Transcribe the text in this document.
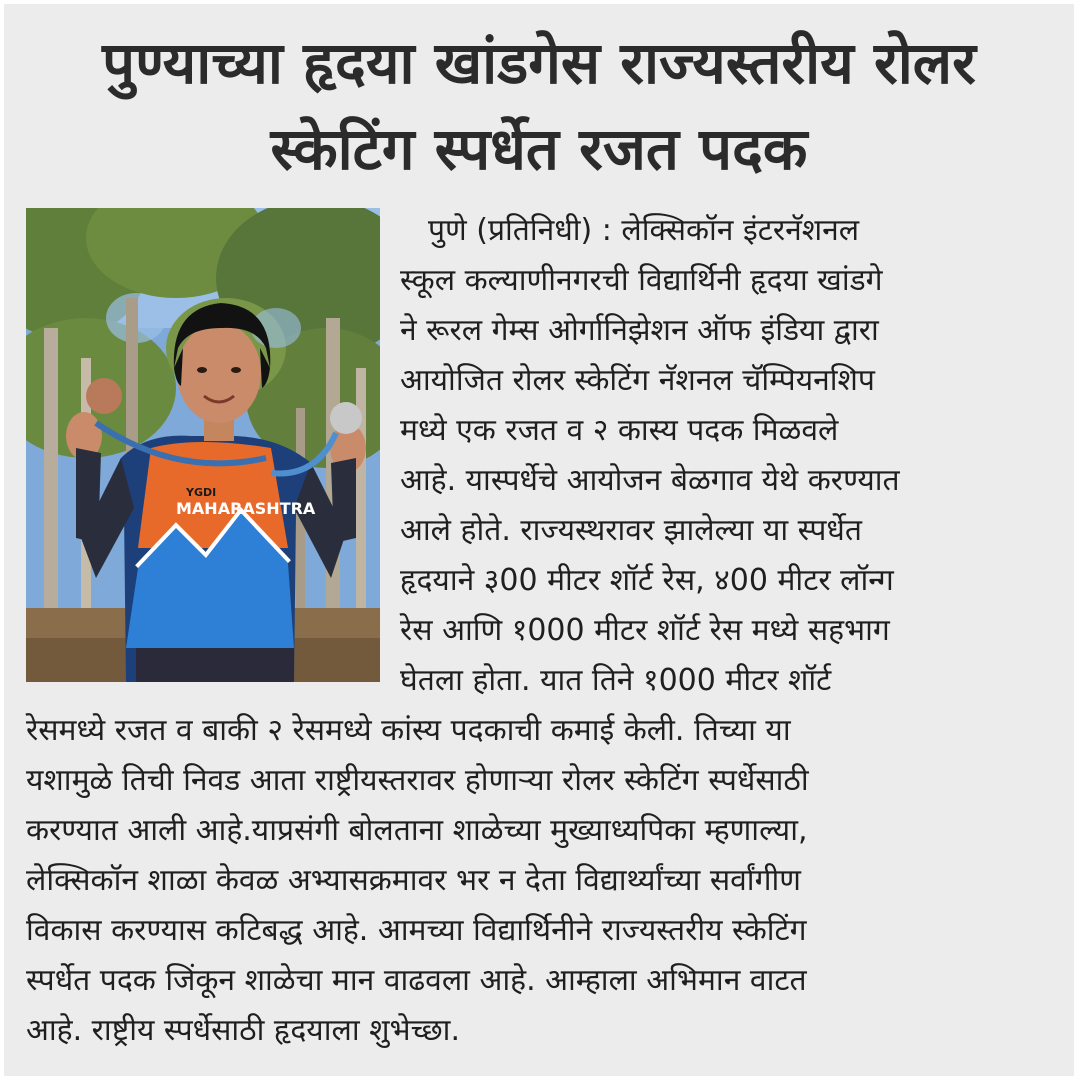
पुण्याच्या हृदया खांडगेस राज्यस्तरीय रोलर
स्केटिंग स्पर्धेत रजत पदक
YGDI
MAHARASHTRA
पुणे (प्रतिनिधी) : लेक्सिकॉन इंटरनॅशनल
स्कूल कल्याणीनगरची विद्यार्थिनी हृदया खांडगे
ने रूरल गेम्स ओर्गानिझेशन ऑफ इंडिया द्वारा
आयोजित रोलर स्केटिंग नॅशनल चॅम्पियनशिप
मध्ये एक रजत व २ कास्य पदक मिळवले
आहे. यास्पर्धेचे आयोजन बेळगाव येथे करण्यात
आले होते. राज्यस्थरावर झालेल्या या स्पर्धेत
हृदयाने ३00 मीटर शॉर्ट रेस, ४00 मीटर लॉन्ग
रेस आणि १000 मीटर शॉर्ट रेस मध्ये सहभाग
घेतला होता. यात तिने १000 मीटर शॉर्ट
रेसमध्ये रजत व बाकी २ रेसमध्ये कांस्य पदकाची कमाई केली. तिच्या या
यशामुळे तिची निवड आता राष्ट्रीयस्तरावर होणाऱ्या रोलर स्केटिंग स्पर्धेसाठी
करण्यात आली आहे.याप्रसंगी बोलताना शाळेच्या मुख्याध्यपिका म्हणाल्या,
लेक्सिकॉन शाळा केवळ अभ्यासक्रमावर भर न देता विद्यार्थ्यांच्या सर्वांगीण
विकास करण्यास कटिबद्ध आहे. आमच्या विद्यार्थिनीने राज्यस्तरीय स्केटिंग
स्पर्धेत पदक जिंकून शाळेचा मान वाढवला आहे. आम्हाला अभिमान वाटत
आहे. राष्ट्रीय स्पर्धेसाठी हृदयाला शुभेच्छा.
